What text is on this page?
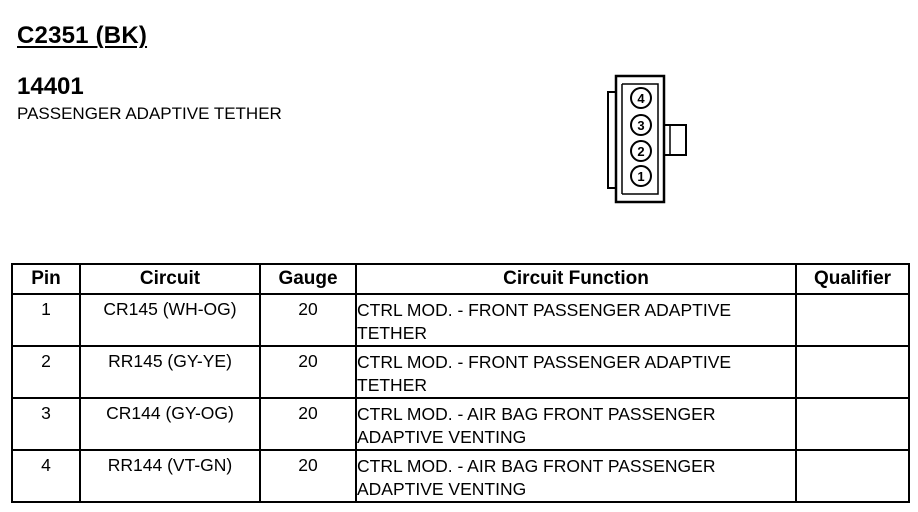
C2351 (BK)
14401
PASSENGER ADAPTIVE TETHER
4
3
2
1
Pin	Circuit	Gauge	Circuit Function	Qualifier
1	CR145 (WH-OG)	20	CTRL MOD. - FRONT PASSENGER ADAPTIVE TETHER	
2	RR145 (GY-YE)	20	CTRL MOD. - FRONT PASSENGER ADAPTIVE TETHER	
3	CR144 (GY-OG)	20	CTRL MOD. - AIR BAG FRONT PASSENGER ADAPTIVE VENTING	
4	RR144 (VT-GN)	20	CTRL MOD. - AIR BAG FRONT PASSENGER ADAPTIVE VENTING	
